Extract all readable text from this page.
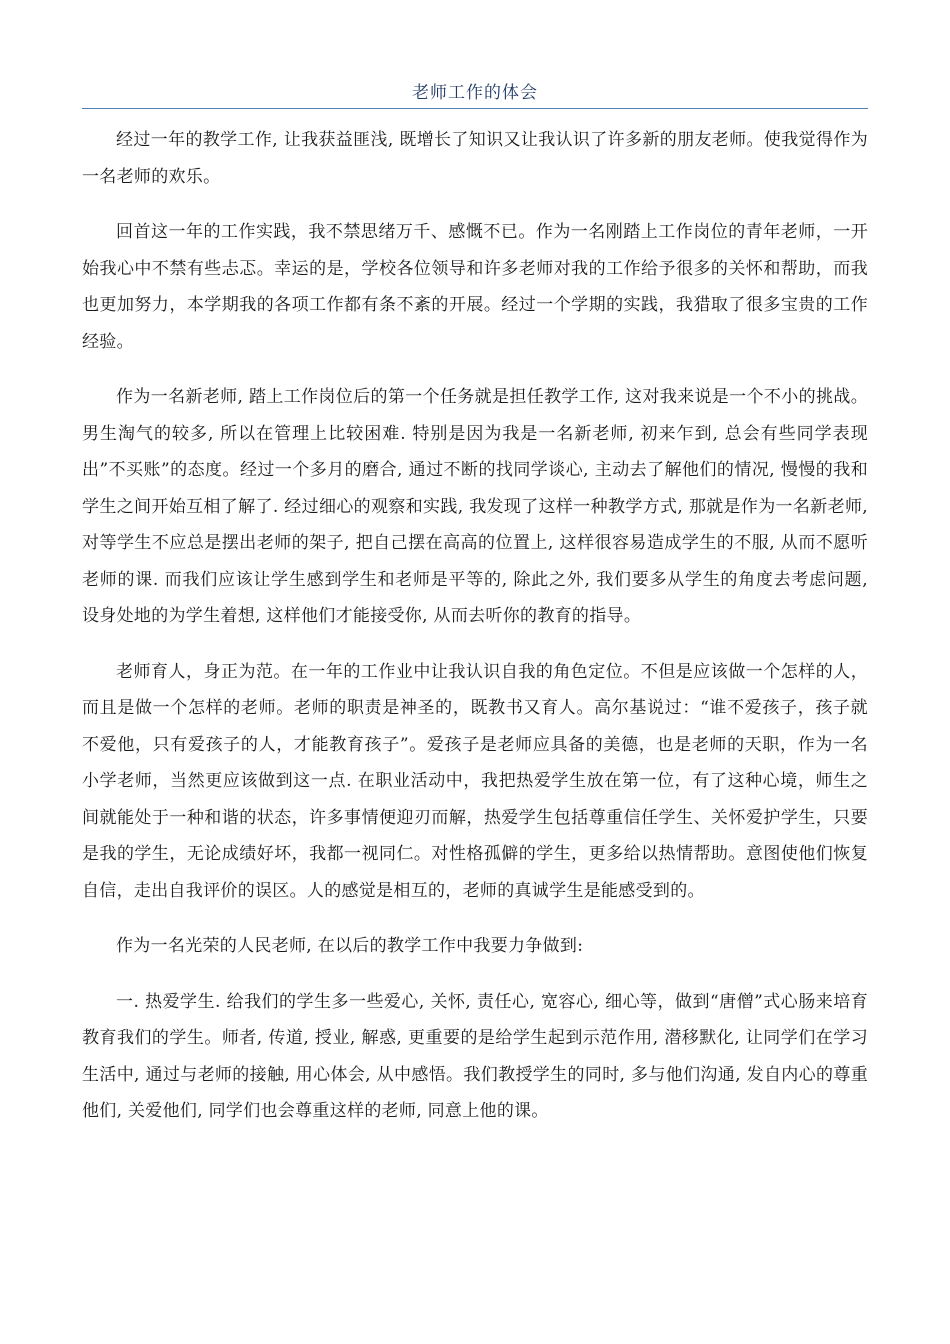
老师工作的体会

经过一年的教学工作, 让我获益匪浅, 既增长了知识又让我认识了许多新的朋友老师。使我觉得作为一名老师的欢乐。

回首这一年的工作实践，我不禁思绪万千、感慨不已。作为一名刚踏上工作岗位的青年老师，一开始我心中不禁有些忐忑。幸运的是，学校各位领导和许多老师对我的工作给予很多的关怀和帮助，而我也更加努力，本学期我的各项工作都有条不紊的开展。经过一个学期的实践，我猎取了很多宝贵的工作经验。

作为一名新老师, 踏上工作岗位后的第一个任务就是担任教学工作, 这对我来说是一个不小的挑战。男生淘气的较多, 所以在管理上比较困难. 特别是因为我是一名新老师, 初来乍到, 总会有些同学表现出”不买账”的态度。经过一个多月的磨合, 通过不断的找同学谈心, 主动去了解他们的情况, 慢慢的我和学生之间开始互相了解了. 经过细心的观察和实践, 我发现了这样一种教学方式, 那就是作为一名新老师, 对等学生不应总是摆出老师的架子, 把自己摆在高高的位置上, 这样很容易造成学生的不服, 从而不愿听老师的课. 而我们应该让学生感到学生和老师是平等的, 除此之外, 我们要多从学生的角度去考虑问题, 设身处地的为学生着想, 这样他们才能接受你, 从而去听你的教育的指导。

老师育人，身正为范。在一年的工作业中让我认识自我的角色定位。不但是应该做一个怎样的人，而且是做一个怎样的老师。老师的职责是神圣的，既教书又育人。高尔基说过：“谁不爱孩子，孩子就不爱他，只有爱孩子的人，才能教育孩子”。爱孩子是老师应具备的美德，也是老师的天职，作为一名小学老师，当然更应该做到这一点. 在职业活动中，我把热爱学生放在第一位，有了这种心境，师生之间就能处于一种和谐的状态，许多事情便迎刃而解，热爱学生包括尊重信任学生、关怀爱护学生，只要是我的学生，无论成绩好坏，我都一视同仁。对性格孤僻的学生，更多给以热情帮助。意图使他们恢复自信，走出自我评价的误区。人的感觉是相互的，老师的真诚学生是能感受到的。

作为一名光荣的人民老师, 在以后的教学工作中我要力争做到:

一. 热爱学生. 给我们的学生多一些爱心, 关怀, 责任心, 宽容心, 细心等，做到“唐僧”式心肠来培育教育我们的学生。师者, 传道, 授业, 解惑, 更重要的是给学生起到示范作用, 潜移默化, 让同学们在学习生活中, 通过与老师的接触, 用心体会, 从中感悟。我们教授学生的同时, 多与他们沟通, 发自内心的尊重他们, 关爱他们, 同学们也会尊重这样的老师, 同意上他的课。
